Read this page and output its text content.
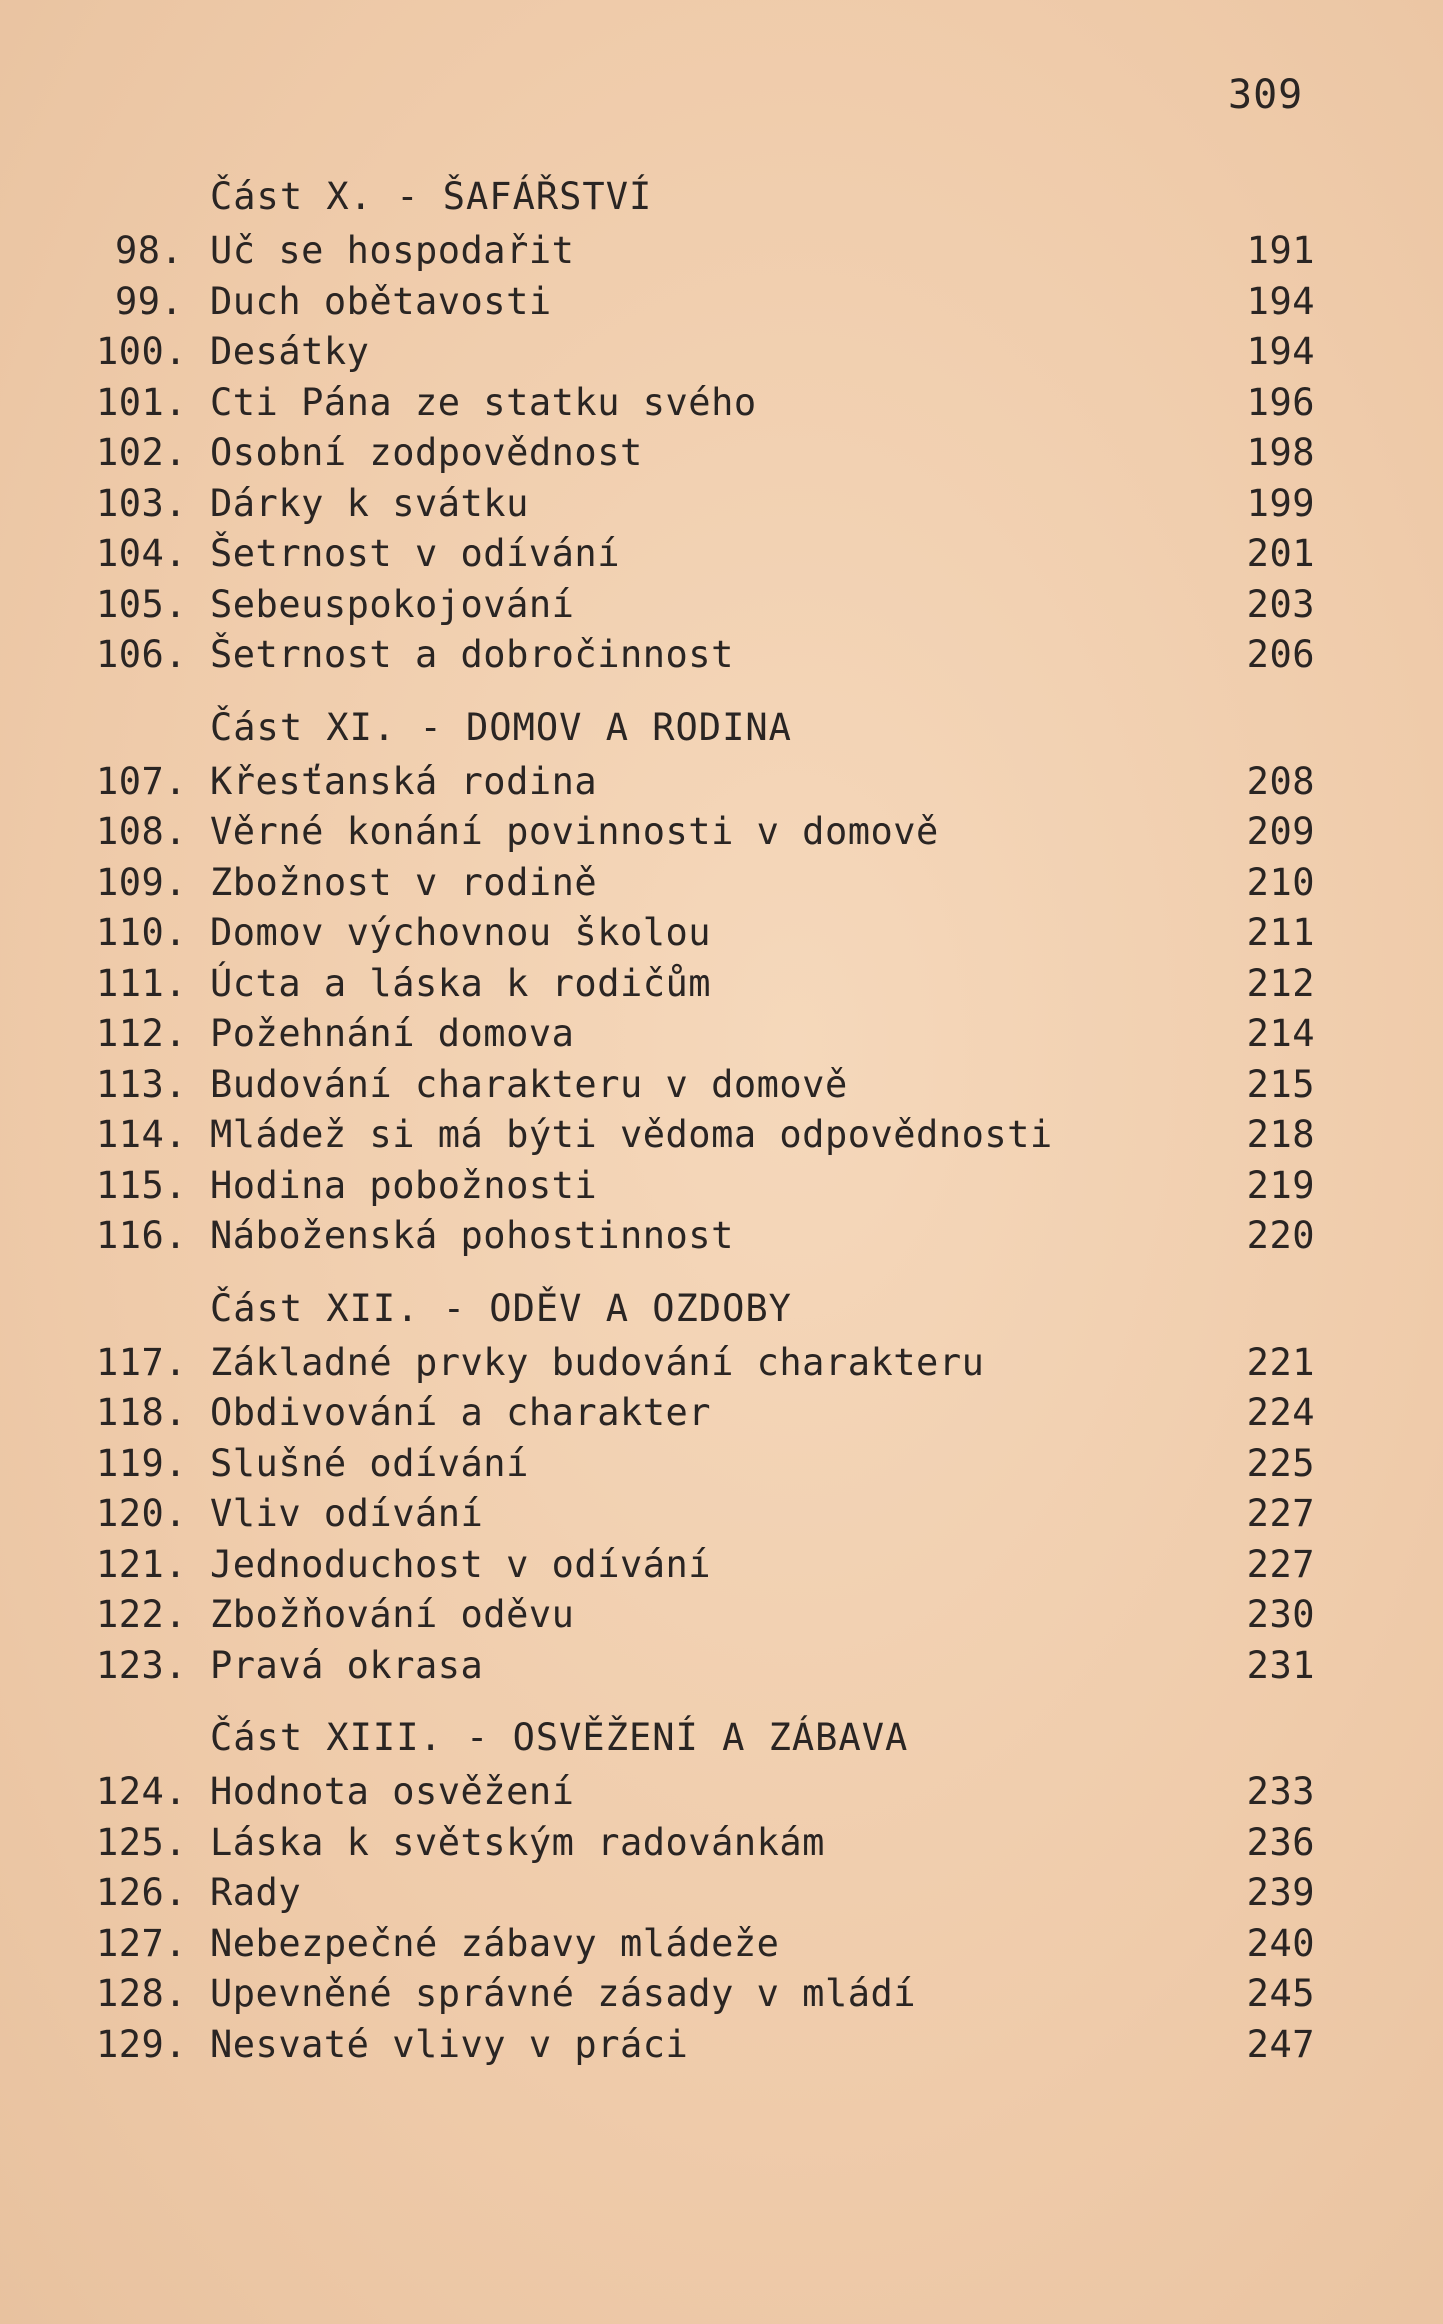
309
Část X. - ŠAFÁŘSTVÍ
98. Uč se hospodařit	191
99. Duch obětavosti	194
100. Desátky	194
101. Cti Pána ze statku svého	196
102. Osobní zodpovědnost	198
103. Dárky k svátku	199
104. Šetrnost v odívání	201
105. Sebeuspokojování	203
106. Šetrnost a dobročinnost	206
Část XI. - DOMOV A RODINA
107. Křesťanská rodina	208
108. Věrné konání povinnosti v domově	209
109. Zbožnost v rodině	210
110. Domov výchovnou školou	211
111. Úcta a láska k rodičům	212
112. Požehnání domova	214
113. Budování charakteru v domově	215
114. Mládež si má býti vědoma odpovědnosti	218
115. Hodina pobožnosti	219
116. Náboženská pohostinnost	220
Část XII. - ODĚV A OZDOBY
117. Základné prvky budování charakteru	221
118. Obdivování a charakter	224
119. Slušné odívání	225
120. Vliv odívání	227
121. Jednoduchost v odívání	227
122. Zbožňování oděvu	230
123. Pravá okrasa	231
Část XIII. - OSVĚŽENÍ A ZÁBAVA
124. Hodnota osvěžení	233
125. Láska k světským radovánkám	236
126. Rady	239
127. Nebezpečné zábavy mládeže	240
128. Upevněné správné zásady v mládí	245
129. Nesvaté vlivy v práci	247
